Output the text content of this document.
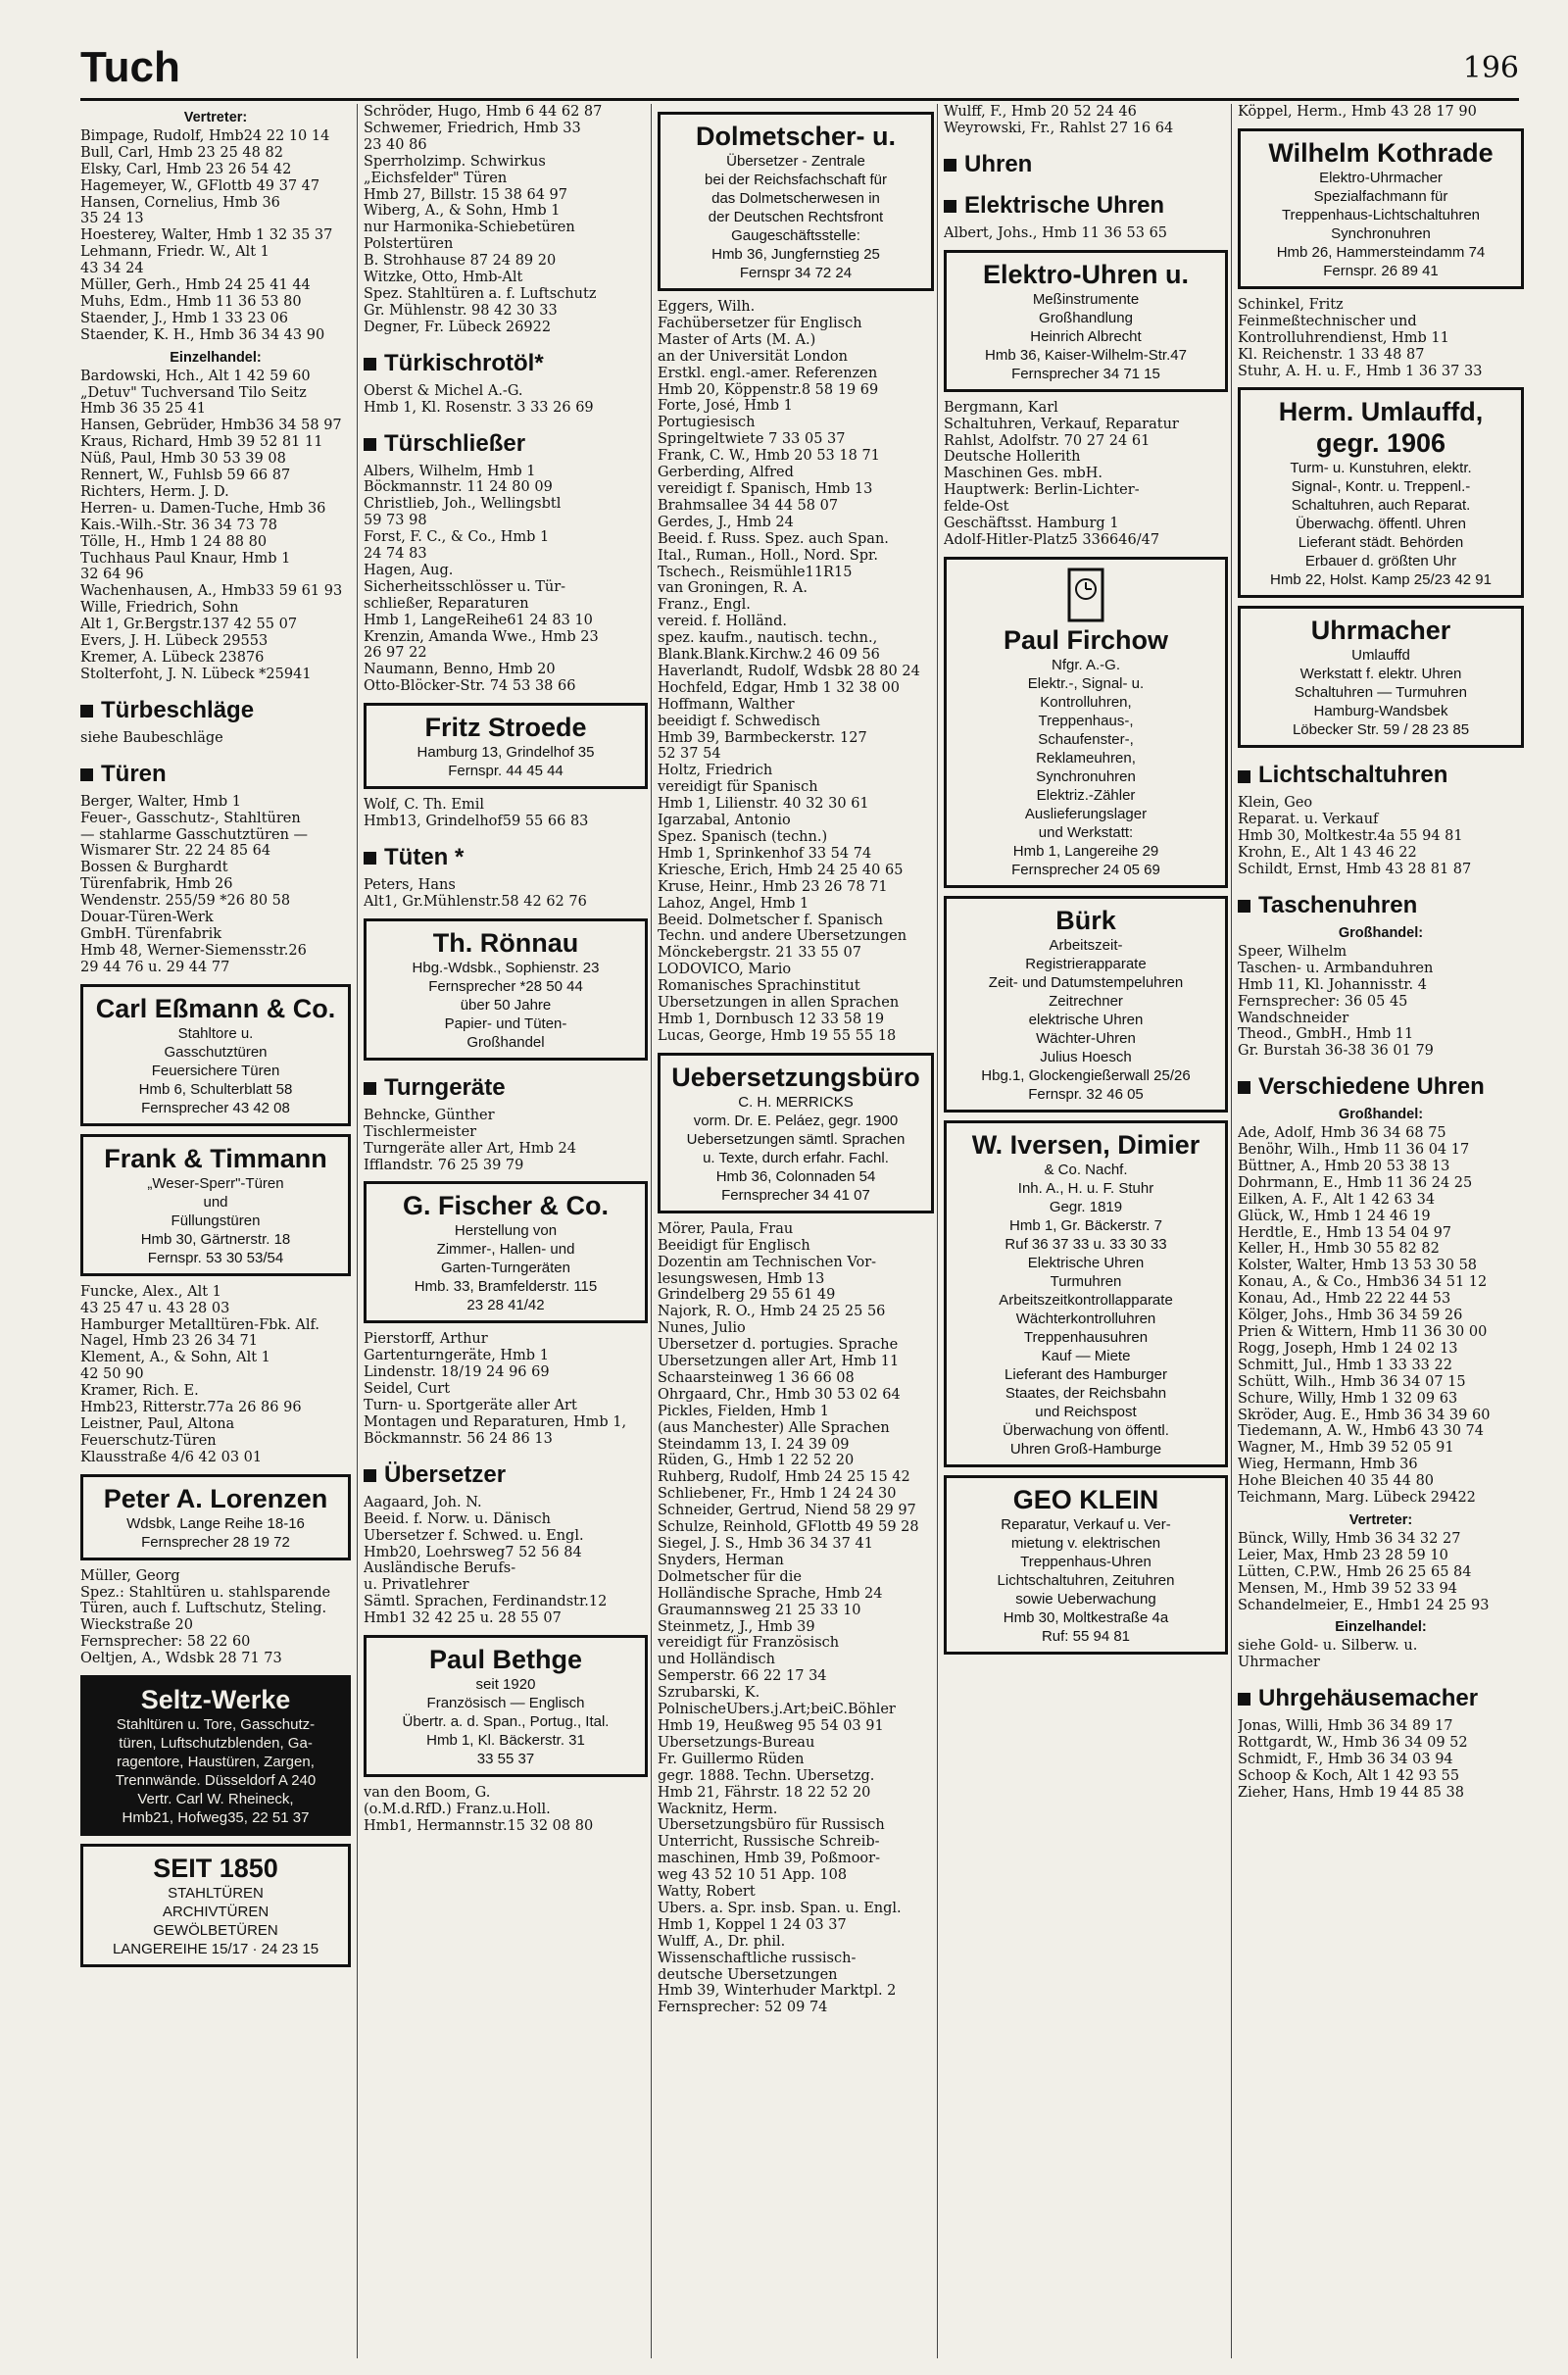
Tuch	196
Vertreter:
Bimpage, Rudolf, Hmb24 22 10 14
Bull, Carl, Hmb 23 25 48 82
Elsky, Carl, Hmb 23 26 54 42
Hagemeyer, W., GFlottb 49 37 47
Hansen, Cornelius, Hmb 36
35 24 13
Hoesterey, Walter, Hmb 1 32 35 37
Lehmann, Friedr. W., Alt 1
43 34 24
Müller, Gerh., Hmb 24 25 41 44
Muhs, Edm., Hmb 11 36 53 80
Staender, J., Hmb 1 33 23 06
Staender, K. H., Hmb 36 34 43 90
Einzelhandel:
Bardowski, Hch., Alt 1 42 59 60
„Detuv" Tuchversand Tilo Seitz
Hmb 36 35 25 41
Hansen, Gebrüder, Hmb36 34 58 97
Kraus, Richard, Hmb 39 52 81 11
Nüß, Paul, Hmb 30 53 39 08
Rennert, W., Fuhlsb 59 66 87
Richters, Herm. J. D.
Herren- u. Damen-Tuche, Hmb 36
Kais.-Wilh.-Str. 36 34 73 78
Tölle, H., Hmb 1 24 88 80
Tuchhaus Paul Knaur, Hmb 1
32 64 96
Wachenhausen, A., Hmb33 59 61 93
Wille, Friedrich, Sohn
Alt 1, Gr.Bergstr.137 42 55 07
Evers, J. H. Lübeck 29553
Kremer, A. Lübeck 23876
Stolterfoht, J. N. Lübeck *25941
Türbeschläge
siehe Baubeschläge
Türen
Berger, Walter, Hmb 1
Feuer-, Gasschutz-, Stahltüren
— stahlarme Gasschutztüren —
Wismarer Str. 22 24 85 64
Bossen & Burghardt
Türenfabrik, Hmb 26
Wendenstr. 255/59 *26 80 58
Douar-Türen-Werk
GmbH. Türenfabrik
Hmb 48, Werner-Siemensstr.26
29 44 76 u. 29 44 77
Carl Eßmann & Co.
Stahltore u.
Gasschutztüren
Feuersichere Türen
Hmb 6, Schulterblatt 58
Fernsprecher 43 42 08
Frank & Timmann
„Weser-Sperr"-Türen
und
Füllungstüren
Hmb 30, Gärtnerstr. 18
Fernspr. 53 30 53/54
Funcke, Alex., Alt 1
43 25 47 u. 43 28 03
Hamburger Metalltüren-Fbk. Alf.
Nagel, Hmb 23 26 34 71
Klement, A., & Sohn, Alt 1
42 50 90
Kramer, Rich. E.
Hmb23, Ritterstr.77a 26 86 96
Leistner, Paul, Altona
Feuerschutz-Türen
Klausstraße 4/6 42 03 01
Peter A. Lorenzen
Wdsbk, Lange Reihe 18-16
Fernsprecher 28 19 72
Müller, Georg
Spez.: Stahltüren u. stahlsparende
Türen, auch f. Luftschutz, Steling.
Wieckstraße 20
Fernsprecher: 58 22 60
Oeltjen, A., Wdsbk 28 71 73
Seltz-Werke
Stahltüren u. Tore, Gasschutz-
türen, Luftschutzblenden, Ga-
ragentore, Haustüren, Zargen,
Trennwände. Düsseldorf A 240
Vertr. Carl W. Rheineck,
Hmb21, Hofweg35, 22 51 37
SEIT 1850
STAHLTÜREN
ARCHIVTÜREN
GEWÖLBETÜREN
LANGEREIHE 15/17 · 24 23 15
Schröder, Hugo, Hmb 6 44 62 87
Schwemer, Friedrich, Hmb 33
23 40 86
Sperrholzimp. Schwirkus
„Eichsfelder" Türen
Hmb 27, Billstr. 15 38 64 97
Wiberg, A., & Sohn, Hmb 1
nur Harmonika-Schiebetüren
Polstertüren
B. Strohhause 87 24 89 20
Witzke, Otto, Hmb-Alt
Spez. Stahltüren a. f. Luftschutz
Gr. Mühlenstr. 98 42 30 33
Degner, Fr. Lübeck 26922
Türkischrotöl*
Oberst & Michel A.-G.
Hmb 1, Kl. Rosenstr. 3 33 26 69
Türschließer
Albers, Wilhelm, Hmb 1
Böckmannstr. 11 24 80 09
Christlieb, Joh., Wellingsbtl
59 73 98
Forst, F. C., & Co., Hmb 1
24 74 83
Hagen, Aug.
Sicherheitsschlösser u. Tür-
schließer, Reparaturen
Hmb 1, LangeReihe61 24 83 10
Krenzin, Amanda Wwe., Hmb 23
26 97 22
Naumann, Benno, Hmb 20
Otto-Blöcker-Str. 74 53 38 66
Fritz Stroede
Hamburg 13, Grindelhof 35
Fernspr. 44 45 44
Wolf, C. Th. Emil
Hmb13, Grindelhof59 55 66 83
Tüten *
Peters, Hans
Alt1, Gr.Mühlenstr.58 42 62 76
Th. Rönnau
Hbg.-Wdsbk., Sophienstr. 23
Fernsprecher *28 50 44
über 50 Jahre
Papier- und Tüten-
Großhandel
Turngeräte
Behncke, Günther
Tischlermeister
Turngeräte aller Art, Hmb 24
Ifflandstr. 76 25 39 79
G. Fischer & Co.
Herstellung von
Zimmer-, Hallen- und
Garten-Turngeräten
Hmb. 33, Bramfelderstr. 115
23 28 41/42
Pierstorff, Arthur
Gartenturngeräte, Hmb 1
Lindenstr. 18/19 24 96 69
Seidel, Curt
Turn- u. Sportgeräte aller Art
Montagen und Reparaturen, Hmb 1,
Böckmannstr. 56 24 86 13
Übersetzer
Aagaard, Joh. N.
Beeid. f. Norw. u. Dänisch
Übersetzer f. Schwed. u. Engl.
Hmb20, Loehrsweg7 52 56 84
Ausländische Berufs-
u. Privatlehrer
Sämtl. Sprachen, Ferdinandstr.12
Hmb1 32 42 25 u. 28 55 07
Paul Bethge
seit 1920
Französisch — Englisch
Übertr. a. d. Span., Portug., Ital.
Hmb 1, Kl. Bäckerstr. 31
33 55 37
van den Boom, G.
(o.M.d.RfD.) Franz.u.Holl.
Hmb1, Hermannstr.15 32 08 80
Dolmetscher- u.
Übersetzer - Zentrale
bei der Reichsfachschaft für
das Dolmetscherwesen in
der Deutschen Rechtsfront
Gaugeschäftsstelle:
Hmb 36, Jungfernstieg 25
Fernspr 34 72 24
Eggers, Wilh.
Fachübersetzer für Englisch
Master of Arts (M. A.)
an der Universität London
Erstkl. engl.-amer. Referenzen
Hmb 20, Köppenstr.8 58 19 69
Forte, José, Hmb 1
Portugiesisch
Springeltwiete 7 33 05 37
Frank, C. W., Hmb 20 53 18 71
Gerberding, Alfred
vereidigt f. Spanisch, Hmb 13
Brahmsallee 34 44 58 07
Gerdes, J., Hmb 24
Beeid. f. Russ. Spez. auch Span.
Ital., Ruman., Holl., Nord. Spr.
Tschech., Reismühle11R15
van Groningen, R. A.
Franz., Engl.
vereid. f. Holländ.
spez. kaufm., nautisch. techn.,
Blank.Blank.Kirchw.2 46 09 56
Haverlandt, Rudolf, Wdsbk 28 80 24
Hochfeld, Edgar, Hmb 1 32 38 00
Hoffmann, Walther
beeidigt f. Schwedisch
Hmb 39, Barmbeckerstr. 127
52 37 54
Holtz, Friedrich
vereidigt für Spanisch
Hmb 1, Lilienstr. 40 32 30 61
Igarzabal, Antonio
Spez. Spanisch (techn.)
Hmb 1, Sprinkenhof 33 54 74
Kriesche, Erich, Hmb 24 25 40 65
Kruse, Heinr., Hmb 23 26 78 71
Lahoz, Angel, Hmb 1
Beeid. Dolmetscher f. Spanisch
Techn. und andere Übersetzungen
Mönckebergstr. 21 33 55 07
LODOVICO, Mario
Romanisches Sprachinstitut
Übersetzungen in allen Sprachen
Hmb 1, Dornbusch 12 33 58 19
Lucas, George, Hmb 19 55 55 18
Uebersetzungsbüro
C. H. MERRICKS
vorm. Dr. E. Peláez, gegr. 1900
Uebersetzungen sämtl. Sprachen
u. Texte, durch erfahr. Fachl.
Hmb 36, Colonnaden 54
Fernsprecher 34 41 07
Mörer, Paula, Frau
Beeidigt für Englisch
Dozentin am Technischen Vor-
lesungswesen, Hmb 13
Grindelberg 29 55 61 49
Najork, R. O., Hmb 24 25 25 56
Nunes, Julio
Übersetzer d. portugies. Sprache
Übersetzungen aller Art, Hmb 11
Schaarsteinweg 1 36 66 08
Ohrgaard, Chr., Hmb 30 53 02 64
Pickles, Fielden, Hmb 1
(aus Manchester) Alle Sprachen
Steindamm 13, I. 24 39 09
Rüden, G., Hmb 1 22 52 20
Ruhberg, Rudolf, Hmb 24 25 15 42
Schliebener, Fr., Hmb 1 24 24 30
Schneider, Gertrud, Niend 58 29 97
Schulze, Reinhold, GFlottb 49 59 28
Siegel, J. S., Hmb 36 34 37 41
Snyders, Herman
Dolmetscher für die
Holländische Sprache, Hmb 24
Graumannsweg 21 25 33 10
Steinmetz, J., Hmb 39
vereidigt für Französisch
und Holländisch
Semperstr. 66 22 17 34
Szrubarski, K.
PolnischeÜbers.j.Art;beiC.Böhler
Hmb 19, Heußweg 95 54 03 91
Übersetzungs-Bureau
Fr. Guillermo Rüden
gegr. 1888. Techn. Übersetzg.
Hmb 21, Fährstr. 18 22 52 20
Wacknitz, Herm.
Übersetzungsbüro für Russisch
Unterricht, Russische Schreib-
maschinen, Hmb 39, Poßmoor-
weg 43 52 10 51 App. 108
Watty, Robert
Übers. a. Spr. insb. Span. u. Engl.
Hmb 1, Koppel 1 24 03 37
Wulff, A., Dr. phil.
Wissenschaftliche russisch-
deutsche Übersetzungen
Hmb 39, Winterhuder Marktpl. 2
Fernsprecher: 52 09 74
Wulff, F., Hmb 20 52 24 46
Weyrowski, Fr., Rahlst 27 16 64
Uhren
Elektrische Uhren
Albert, Johs., Hmb 11 36 53 65
Elektro-Uhren u.
Meßinstrumente
Großhandlung
Heinrich Albrecht
Hmb 36, Kaiser-Wilhelm-Str.47
Fernsprecher 34 71 15
Bergmann, Karl
Schaltuhren, Verkauf, Reparatur
Rahlst, Adolfstr. 70 27 24 61
Deutsche Hollerith
Maschinen Ges. mbH.
Hauptwerk: Berlin-Lichter-
felde-Ost
Geschäftsst. Hamburg 1
Adolf-Hitler-Platz5 336646/47
Paul Firchow
Nfgr. A.-G.
Elektr.-, Signal- u.
Kontrolluhren,
Treppenhaus-,
Schaufenster-,
Reklameuhren,
Synchronuhren
Elektriz.-Zähler
Auslieferungslager
und Werkstatt:
Hmb 1, Langereihe 29
Fernsprecher 24 05 69
Bürk
Arbeitszeit-
Registrierapparate
Zeit- und Datumstempeluhren
Zeitrechner
elektrische Uhren
Wächter-Uhren
Julius Hoesch
Hbg.1, Glockengießerwall 25/26
Fernspr. 32 46 05
W. Iversen, Dimier
& Co. Nachf.
Inh. A., H. u. F. Stuhr
Gegr. 1819
Hmb 1, Gr. Bäckerstr. 7
Ruf 36 37 33 u. 33 30 33
Elektrische Uhren
Turmuhren
Arbeitszeitkontrollapparate
Wächterkontrolluhren
Treppenhausuhren
Kauf — Miete
Lieferant des Hamburger
Staates, der Reichsbahn
und Reichspost
Überwachung von öffentl.
Uhren Groß-Hamburge
GEO KLEIN
Reparatur, Verkauf u. Ver-
mietung v. elektrischen
Treppenhaus-Uhren
Lichtschaltuhren, Zeituhren
sowie Ueberwachung
Hmb 30, Moltkestraße 4a
Ruf: 55 94 81
Köppel, Herm., Hmb 43 28 17 90
Wilhelm Kothrade
Elektro-Uhrmacher
Spezialfachmann für
Treppenhaus-Lichtschaltuhren
Synchronuhren
Hmb 26, Hammersteindamm 74
Fernspr. 26 89 41
Schinkel, Fritz
Feinmeßtechnischer und
Kontrolluhrendienst, Hmb 11
Kl. Reichenstr. 1 33 48 87
Stuhr, A. H. u. F., Hmb 1 36 37 33
Herm. Umlauffd, gegr. 1906
Turm- u. Kunstuhren, elektr.
Signal-, Kontr. u. Treppenl.-
Schaltuhren, auch Reparat.
Überwachg. öffentl. Uhren
Lieferant städt. Behörden
Erbauer d. größten Uhr
Hmb 22, Holst. Kamp 25/23 42 91
Uhrmacher
Umlauffd
Werkstatt f. elektr. Uhren
Schaltuhren — Turmuhren
Hamburg-Wandsbek
Löbecker Str. 59 / 28 23 85
Lichtschaltuhren
Klein, Geo
Reparat. u. Verkauf
Hmb 30, Moltkestr.4a 55 94 81
Krohn, E., Alt 1 43 46 22
Schildt, Ernst, Hmb 43 28 81 87
Taschenuhren
Großhandel:
Speer, Wilhelm
Taschen- u. Armbanduhren
Hmb 11, Kl. Johannisstr. 4
Fernsprecher: 36 05 45
Wandschneider
Theod., GmbH., Hmb 11
Gr. Burstah 36-38 36 01 79
Verschiedene Uhren
Großhandel:
Ade, Adolf, Hmb 36 34 68 75
Benöhr, Wilh., Hmb 11 36 04 17
Büttner, A., Hmb 20 53 38 13
Dohrmann, E., Hmb 11 36 24 25
Eilken, A. F., Alt 1 42 63 34
Glück, W., Hmb 1 24 46 19
Herdtle, E., Hmb 13 54 04 97
Keller, H., Hmb 30 55 82 82
Kolster, Walter, Hmb 13 53 30 58
Konau, A., & Co., Hmb36 34 51 12
Konau, Ad., Hmb 22 22 44 53
Kölger, Johs., Hmb 36 34 59 26
Prien & Wittern, Hmb 11 36 30 00
Rogg, Joseph, Hmb 1 24 02 13
Schmitt, Jul., Hmb 1 33 33 22
Schütt, Wilh., Hmb 36 34 07 15
Schure, Willy, Hmb 1 32 09 63
Skröder, Aug. E., Hmb 36 34 39 60
Tiedemann, A. W., Hmb6 43 30 74
Wagner, M., Hmb 39 52 05 91
Wieg, Hermann, Hmb 36
Hohe Bleichen 40 35 44 80
Teichmann, Marg. Lübeck 29422
Vertreter:
Bünck, Willy, Hmb 36 34 32 27
Leier, Max, Hmb 23 28 59 10
Lütten, C.P.W., Hmb 26 25 65 84
Mensen, M., Hmb 39 52 33 94
Schandelmeier, E., Hmb1 24 25 93
Einzelhandel:
siehe Gold- u. Silberw. u.
Uhrmacher
Uhrgehäusemacher
Jonas, Willi, Hmb 36 34 89 17
Rottgardt, W., Hmb 36 34 09 52
Schmidt, F., Hmb 36 34 03 94
Schoop & Koch, Alt 1 42 93 55
Zieher, Hans, Hmb 19 44 85 38
